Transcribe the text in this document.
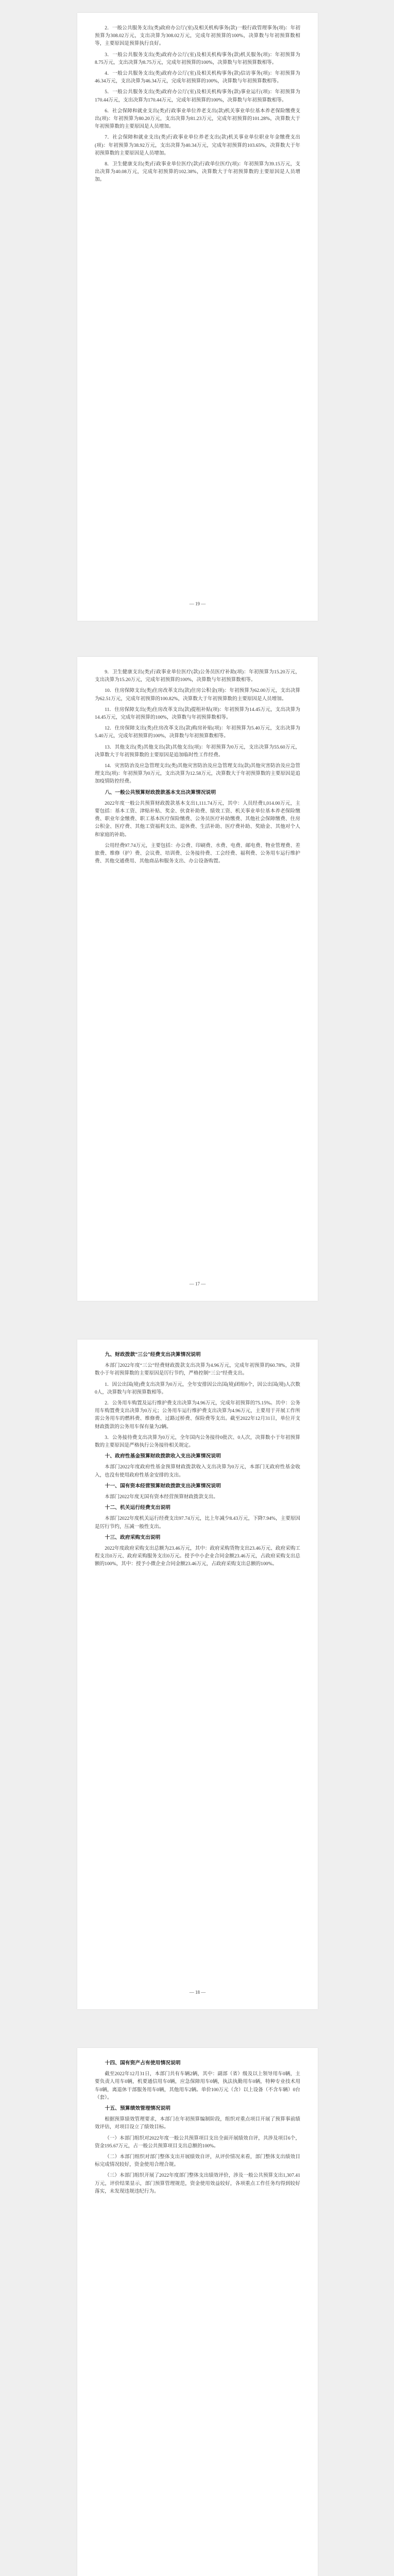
2．一般公共服务支出(类)政府办公厅(室)及相关机构事务(款)一般行政管理事务(项)：年初预算为308.02万元，支出决算为308.02万元，完成年初预算的100%，决算数与年初预算数相等，主要原因是预算执行良好。

3．一般公共服务支出(类)政府办公厅(室)及相关机构事务(款)机关服务(项)：年初预算为8.75万元，支出决算为8.75万元，完成年初预算的100%，决算数与年初预算数相等。

4．一般公共服务支出(类)政府办公厅(室)及相关机构事务(款)信访事务(项)：年初预算为46.34万元，支出决算为46.34万元，完成年初预算的100%，决算数与年初预算数相等。

5．一般公共服务支出(类)政府办公厅(室)及相关机构事务(款)事业运行(项)：年初预算为170.44万元，支出决算为170.44万元，完成年初预算的100%，决算数与年初预算数相等。

6．社会保障和就业支出(类)行政事业单位养老支出(款)机关事业单位基本养老保险缴费支出(项)：年初预算为80.20万元，支出决算为81.23万元，完成年初预算的101.28%，决算数大于年初预算数的主要原因是人员增加。

7．社会保障和就业支出(类)行政事业单位养老支出(款)机关事业单位职业年金缴费支出(项)：年初预算为38.92万元，支出决算为40.34万元，完成年初预算的103.65%，决算数大于年初预算数的主要原因是人员增加。

8．卫生健康支出(类)行政事业单位医疗(款)行政单位医疗(项)：年初预算为39.15万元，支出决算为40.08万元，完成年初预算的102.38%，决算数大于年初预算数的主要原因是人员增加。

— 19 —

9．卫生健康支出(类)行政事业单位医疗(款)公务员医疗补助(项)：年初预算为15.20万元，支出决算为15.20万元，完成年初预算的100%，决算数与年初预算数相等。

10．住房保障支出(类)住房改革支出(款)住房公积金(项)：年初预算为62.00万元，支出决算为62.51万元，完成年初预算的100.82%，决算数大于年初预算数的主要原因是人员增加。

11．住房保障支出(类)住房改革支出(款)提租补贴(项)：年初预算为14.45万元，支出决算为14.45万元，完成年初预算的100%，决算数与年初预算数相等。

12．住房保障支出(类)住房改革支出(款)购房补贴(项)：年初预算为5.40万元，支出决算为5.40万元，完成年初预算的100%，决算数与年初预算数相等。

13．其他支出(类)其他支出(款)其他支出(项)：年初预算为0万元，支出决算为55.60万元，决算数大于年初预算数的主要原因是追加临时性工作经费。

14．灾害防治及应急管理支出(类)其他灾害防治及应急管理支出(款)其他灾害防治及应急管理支出(项)：年初预算为0万元，支出决算为12.58万元，决算数大于年初预算数的主要原因是追加疫情防控经费。

八、一般公共预算财政拨款基本支出决算情况说明

2022年度一般公共预算财政拨款基本支出1,111.74万元，其中：人员经费1,014.00万元，主要包括：基本工资、津贴补贴、奖金、伙食补助费、绩效工资、机关事业单位基本养老保险缴费、职业年金缴费、职工基本医疗保险缴费、公务员医疗补助缴费、其他社会保障缴费、住房公积金、医疗费、其他工资福利支出、退休费、生活补助、医疗费补助、奖励金、其他对个人和家庭的补助。

公用经费97.74万元，主要包括：办公费、印刷费、水费、电费、邮电费、物业管理费、差旅费、维修（护）费、会议费、培训费、公务接待费、工会经费、福利费、公务用车运行维护费、其他交通费用、其他商品和服务支出、办公设备购置。

— 17 —

九、财政拨款“三公”经费支出决算情况说明

本部门2022年度“三公”经费财政拨款支出决算为4.96万元，完成年初预算的60.78%，决算数小于年初预算数的主要原因是厉行节约，严格控制“三公”经费支出。

1．因公出国(境)费支出决算为0万元，全年安排因公出国(境)团组0个，因公出国(境)人次数0人，决算数与年初预算数相等。

2．公务用车购置及运行维护费支出决算为4.96万元，完成年初预算的75.15%。其中：公务用车购置费支出决算为0万元；公务用车运行维护费支出决算为4.96万元，主要用于开展工作所需公务用车的燃料费、维修费、过路过桥费、保险费等支出。截至2022年12月31日，单位开支财政拨款的公务用车保有量为2辆。

3．公务接待费支出决算为0万元，全年国内公务接待0批次、0人次，决算数小于年初预算数的主要原因是严格执行公务接待相关规定。

十、政府性基金预算财政拨款收入支出决算情况说明

本部门2022年度政府性基金预算财政拨款收入支出决算为0万元，本部门无政府性基金收入，也没有使用政府性基金安排的支出。

十一、国有资本经营预算财政拨款支出决算情况说明

本部门2022年度无国有资本经营预算财政拨款支出。

十二、机关运行经费支出说明

本部门2022年度机关运行经费支出97.74万元，比上年减少8.43万元，下降7.94%，主要原因是厉行节约，压减一般性支出。

十三、政府采购支出说明

2022年度政府采购支出总额为23.46万元，其中：政府采购货物支出23.46万元、政府采购工程支出0万元、政府采购服务支出0万元。授予中小企业合同金额23.46万元，占政府采购支出总额的100%，其中：授予小微企业合同金额23.46万元，占政府采购支出总额的100%。

— 18 —

十四、国有资产占有使用情况说明

截至2022年12月31日，本部门共有车辆2辆，其中：副部（省）级及以上领导用车0辆，主要负责人用车0辆，机要通信用车0辆，应急保障用车0辆，执法执勤用车0辆，特种专业技术用车0辆，离退休干部服务用车0辆，其他用车2辆。单价100万元（含）以上设备（不含车辆）0台（套）。

十五、预算绩效管理情况说明

根据预算绩效管理要求，本部门在年初预算编制阶段，组织对重点项目开展了预算事前绩效评估，对项目设立了绩效目标。

（一）本部门组织对2022年度一般公共预算项目支出全面开展绩效自评，共涉及项目6个，资金195.67万元，占一般公共预算项目支出总额的100%。

（二）本部门组织对部门整体支出开展绩效自评，从评价情况来看，部门整体支出绩效目标完成情况较好，资金使用合理合规。

（三）本部门组织开展了2022年度部门整体支出绩效评价，涉及一般公共预算支出1,307.41万元，评价结果显示，部门预算管理规范，资金使用效益较好，各项重点工作任务均得到较好落实，未发现违规违纪行为。
